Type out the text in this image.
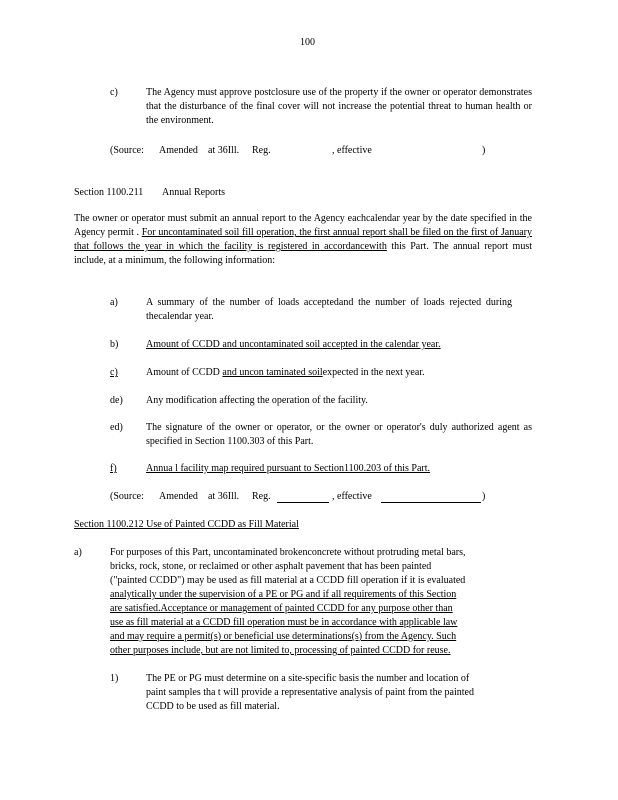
100
c)	The Agency must approve postclosure use of the property if the owner or operator demonstrates that the disturbance of the final cover will not increase the potential threat to human health or the environment.
(Source: Amended at 36Ill. Reg.	, effective	)
Section 1100.211 Annual Reports
The owner or operator must submit an annual report to the Agency eachcalendar year by the date specified in the Agency permit . For uncontaminated soil fill operation, the first annual report shall be filed on the first of January that follows the year in which the facility is registered in accordancewith this Part. The annual report must include, at a minimum, the following information:
a)	A summary of the number of loads acceptedand the number of loads rejected during thecalendar year.
b)	Amount of CCDD and uncontaminated soil accepted in the calendar year.
c)	Amount of CCDD and uncon taminated soilexpected in the next year.
de) Any modification affecting the operation of the facility.
ed) The signature of the owner or operator, or the owner or operator's duly authorized agent as specified in Section 1100.303 of this Part.
f)	Annua l facility map required pursuant to Section1100.203 of this Part.
(Source: Amended at 36Ill. Reg.	, effective	)
Section 1100.212 Use of Painted CCDD as Fill Material
a)	For purposes of this Part, uncontaminated brokenconcrete without protruding metal bars,
bricks, rock, stone, or reclaimed or other asphalt pavement that has been painted
("painted CCDD") may be used as fill material at a CCDD fill operation if it is evaluated
analytically under the supervision of a PE or PG and if all requirements of this Section
are satisfied.Acceptance or management of painted CCDD for any purpose other than
use as fill material at a CCDD fill operation must be in accordance with applicable law
and may require a permit(s) or beneficial use determinations(s) from the Agency. Such
other purposes include, but are not limited to, processing of painted CCDD for reuse.
1)	The PE or PG must determine on a site-specific basis the number and location of
paint samples tha t will provide a representative analysis of paint from the painted
CCDD to be used as fill material.
